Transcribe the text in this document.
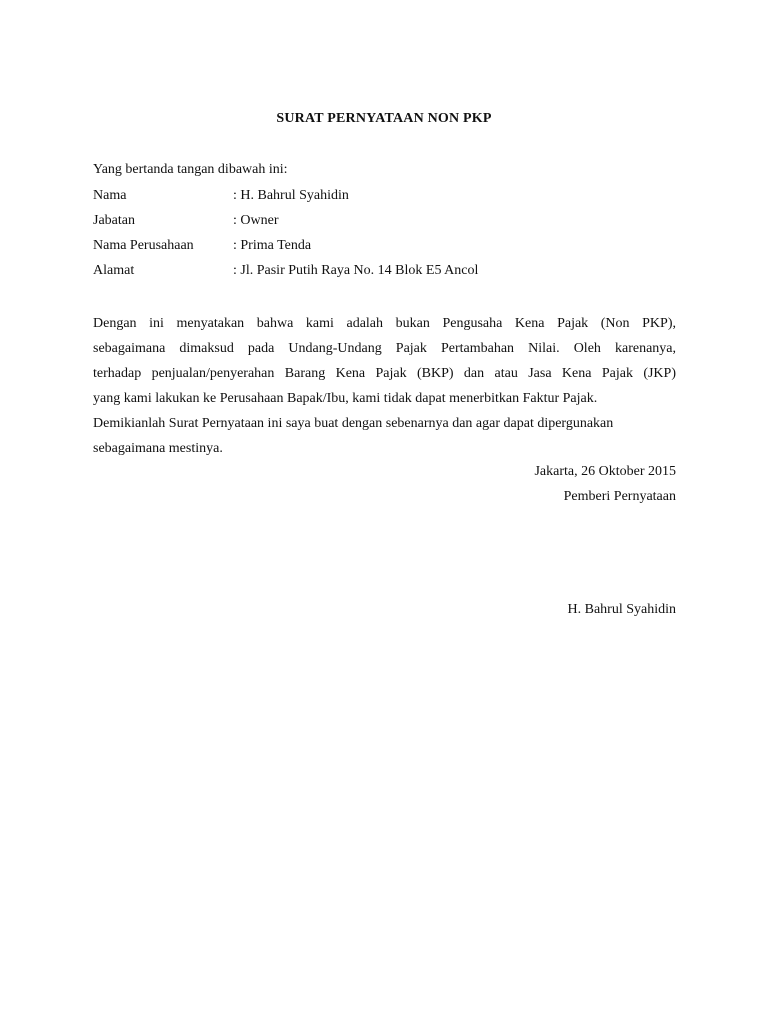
SURAT PERNYATAAN NON PKP
Yang bertanda tangan dibawah ini:
Nama	: H. Bahrul Syahidin
Jabatan	: Owner
Nama Perusahaan	: Prima Tenda
Alamat	: Jl. Pasir Putih Raya No. 14 Blok E5 Ancol
Dengan ini menyatakan bahwa kami adalah bukan Pengusaha Kena Pajak (Non PKP),
sebagaimana dimaksud pada Undang-Undang Pajak Pertambahan Nilai. Oleh karenanya,
terhadap penjualan/penyerahan Barang Kena Pajak (BKP) dan atau Jasa Kena Pajak (JKP)
yang kami lakukan ke Perusahaan Bapak/Ibu, kami tidak dapat menerbitkan Faktur Pajak.
Demikianlah Surat Pernyataan ini saya buat dengan sebenarnya dan agar dapat dipergunakan
sebagaimana mestinya.
Jakarta, 26 Oktober 2015
Pemberi Pernyataan
H. Bahrul Syahidin
